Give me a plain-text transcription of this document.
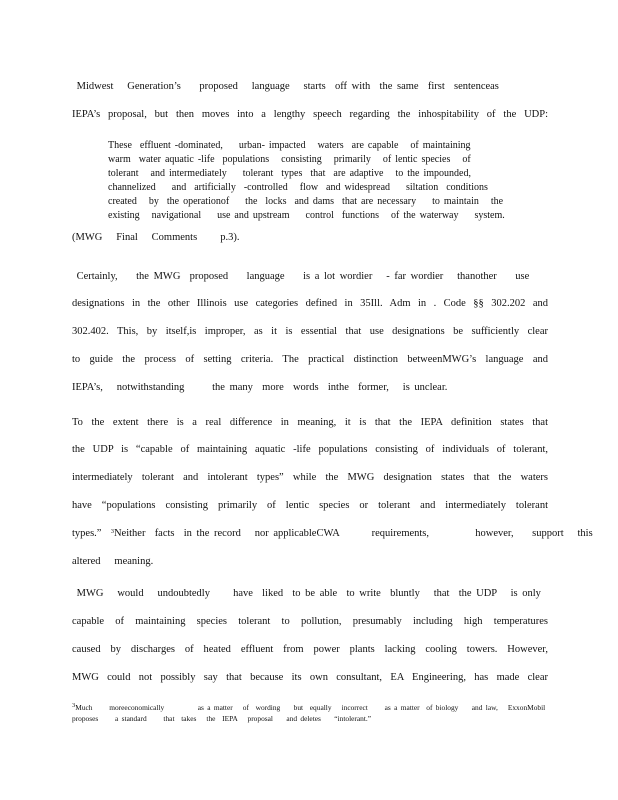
Midwest   Generation’s    proposed   language   starts  off with  the same  first  sentenceas
IEPA’s proposal, but then moves into a lengthy speech regarding the inhospitability of the UDP:
These  effluent -dominated,    urban- impacted   waters  are capable   of maintaining
warm  water aquatic -life  populations   consisting   primarily   of lentic species   of
tolerant   and intermediately    tolerant  types  that  are adaptive   to the impounded,
channelized    and  artificially  -controlled   flow  and widespread    siltation  conditions
created   by  the operationof    the  locks  and dams  that are necessary    to maintain   the
existing   navigational    use and upstream    control  functions   of the waterway    system.
(MWG   Final   Comments     p.3).
Certainly,    the MWG  proposed    language    is a lot wordier   - far wordier   thanother    use
designations in the other Illinois use categories defined in 35Ill. Adm in . Code §§ 302.202 and
302.402. This, by itself,is improper, as it is essential that use designations be sufficiently clear
to guide the process of setting criteria. The practical distinction betweenMWG’s language and
IEPA’s,   notwithstanding      the many  more  words  inthe  former,   is unclear.
To the extent there is a real difference in meaning, it is that the IEPA definition states that
the UDP is “capable of maintaining aquatic -life populations consisting of individuals of tolerant,
intermediately tolerant and intolerant types” while the MWG designation states that the waters
have “populations consisting primarily of lentic species or tolerant and intermediately tolerant
types.” $^3$Neither  facts  in the record   nor applicableCWA       requirements,          however,    support   this
altered   meaning.
MWG   would   undoubtedly     have  liked  to be able  to write  bluntly   that  the UDP   is only
capable of maintaining species tolerant to pollution, presumably including high temperatures
caused by discharges of heated effluent from power plants lacking cooling towers. However,
MWG could not possibly say that because its own consultant, EA Engineering, has made clear
$^3$Much     moreeconomically          as a matter   of  wording    but  equally   incorrect     as a matter  of biology    and law,   ExxonMobil
proposes     a standard     that  takes   the  IEPA   proposal    and deletes    “intolerant.”
